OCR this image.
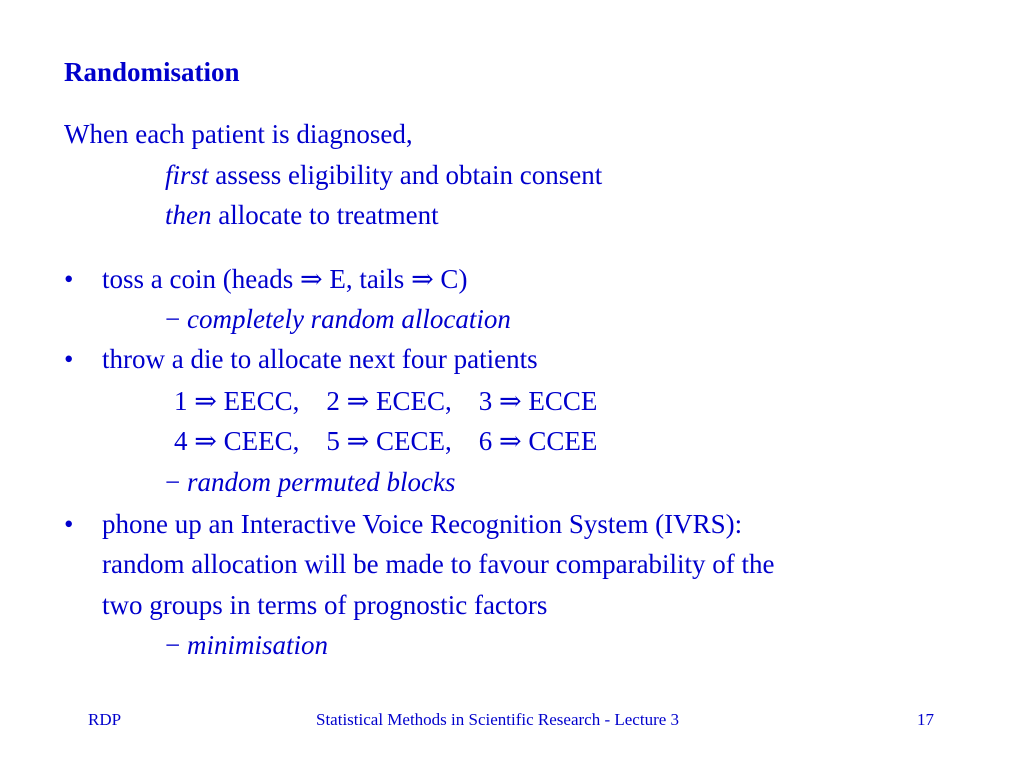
Randomisation
When each patient is diagnosed,
first assess eligibility and obtain consent
then allocate to treatment
• toss a coin (heads ⇒ E, tails ⇒ C)
− completely random allocation
• throw a die to allocate next four patients
1 ⇒ EECC,    2 ⇒ ECEC,    3 ⇒ ECCE
4 ⇒ CEEC,    5 ⇒ CECE,    6 ⇒ CCEE
− random permuted blocks
• phone up an Interactive Voice Recognition System (IVRS):
random allocation will be made to favour comparability of the
two groups in terms of prognostic factors
− minimisation
RDP	Statistical Methods in Scientific Research - Lecture 3	17
